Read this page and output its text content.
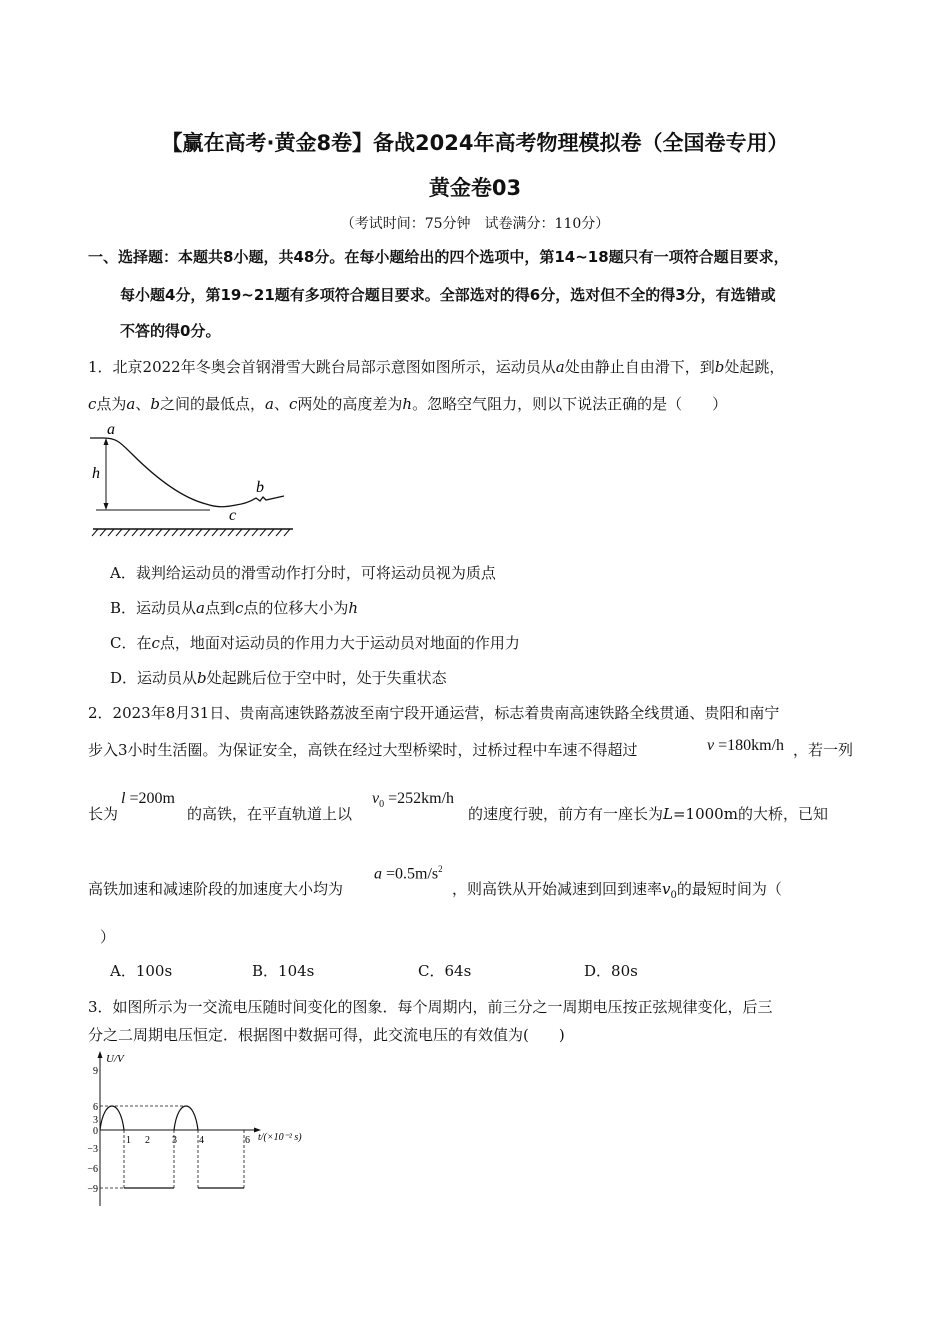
【赢在高考·黄金8卷】备战2024年高考物理模拟卷（全国卷专用）
黄金卷03
（考试时间：75分钟　试卷满分：110分）
一、选择题：本题共8小题，共48分。在每小题给出的四个选项中，第14~18题只有一项符合题目要求，
每小题4分，第19~21题有多项符合题目要求。全部选对的得6分，选对但不全的得3分，有选错或
不答的得0分。
1．北京2022年冬奥会首钢滑雪大跳台局部示意图如图所示，运动员从a处由静止自由滑下，到b处起跳，
c点为a、b之间的最低点，a、c两处的高度差为h。忽略空气阻力，则以下说法正确的是（　　）
a
h
b
c
A．裁判给运动员的滑雪动作打分时，可将运动员视为质点
B．运动员从a点到c点的位移大小为h
C．在c点，地面对运动员的作用力大于运动员对地面的作用力
D．运动员从b处起跳后位于空中时，处于失重状态
2．2023年8月31日、贵南高速铁路荔波至南宁段开通运营，标志着贵南高速铁路全线贯通、贵阳和南宁
步入3小时生活圈。为保证安全，高铁在经过大型桥梁时，过桥过程中车速不得超过	v =180km/h ，若一列
长为
l =200m
的高铁，在平直轨道上以
$v_0 =252km/h$
的速度行驶，前方有一座长为L=1000m的大桥，已知
高铁加速和减速阶段的加速度大小均为
$a =0.5m/s^2$
，则高铁从开始减速到回到速率$v_0$的最短时间为（
）
A．100s	B．104s	C．64s	D．80s
3．如图所示为一交流电压随时间变化的图象．每个周期内，前三分之一周期电压按正弦规律变化，后三
分之二周期电压恒定．根据图中数据可得，此交流电压的有效值为(　　)
U/V
9
6
3
0
−3
−6
−9
1 2 3 4	6 t/(×10⁻² s)
